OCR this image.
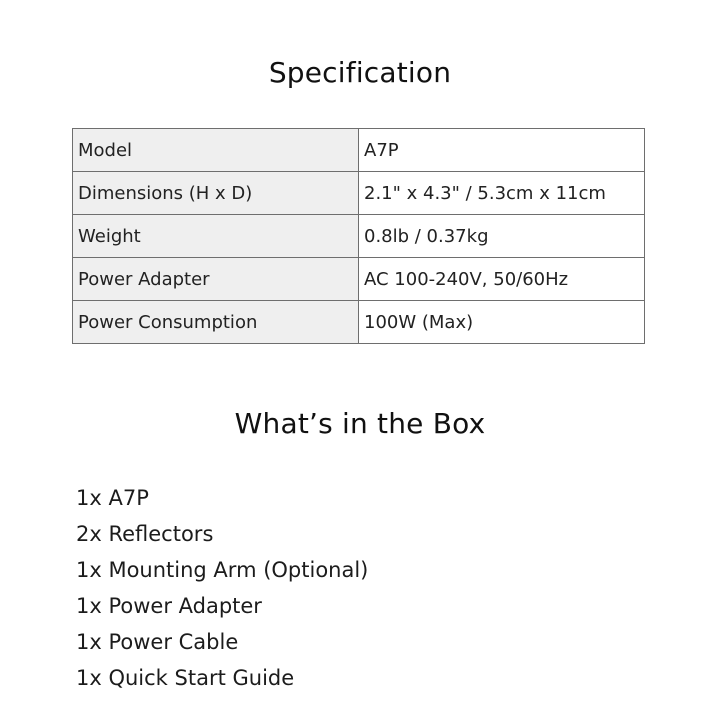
Specification
Model	A7P
Dimensions (H x D)	2.1" x 4.3" / 5.3cm x 11cm
Weight	0.8lb / 0.37kg
Power Adapter	AC 100-240V, 50/60Hz
Power Consumption	100W (Max)
What’s in the Box
1x A7P
2x Reflectors
1x Mounting Arm (Optional)
1x Power Adapter
1x Power Cable
1x Quick Start Guide
